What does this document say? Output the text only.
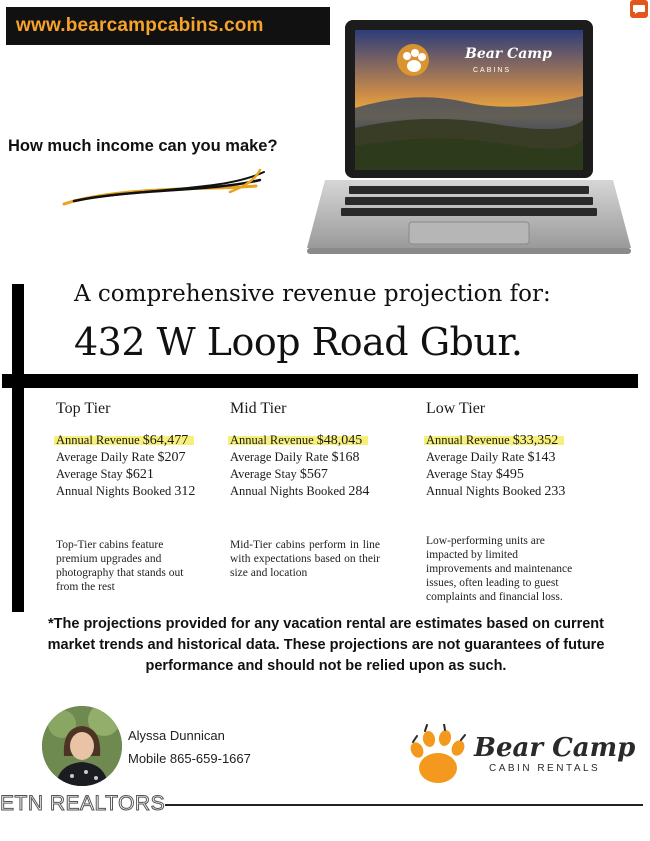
www.bearcampcabins.com
How much income can you make?
Bear Camp
CABINS
A comprehensive revenue projection for:
432 W Loop Road Gbur.
Top Tier
Annual Revenue $64,477
Average Daily Rate $207
Average Stay $621
Annual Nights Booked 312
Mid Tier
Annual Revenue $48,045
Average Daily Rate $168
Average Stay $567
Annual Nights Booked 284
Low Tier
Annual Revenue $33,352
Average Daily Rate $143
Average Stay $495
Annual Nights Booked 233
Top-Tier cabins feature premium upgrades and photography that stands out from the rest
Mid-Tier cabins perform in line with expectations based on their size and location
Low-performing units are impacted by limited improvements and maintenance issues, often leading to guest complaints and financial loss.
*The projections provided for any vacation rental are estimates based on current market trends and historical data. These projections are not guarantees of future performance and should not be relied upon as such.
Alyssa Dunnican
Mobile 865-659-1667
ETN REALTORS
Bear Camp
CABIN RENTALS
